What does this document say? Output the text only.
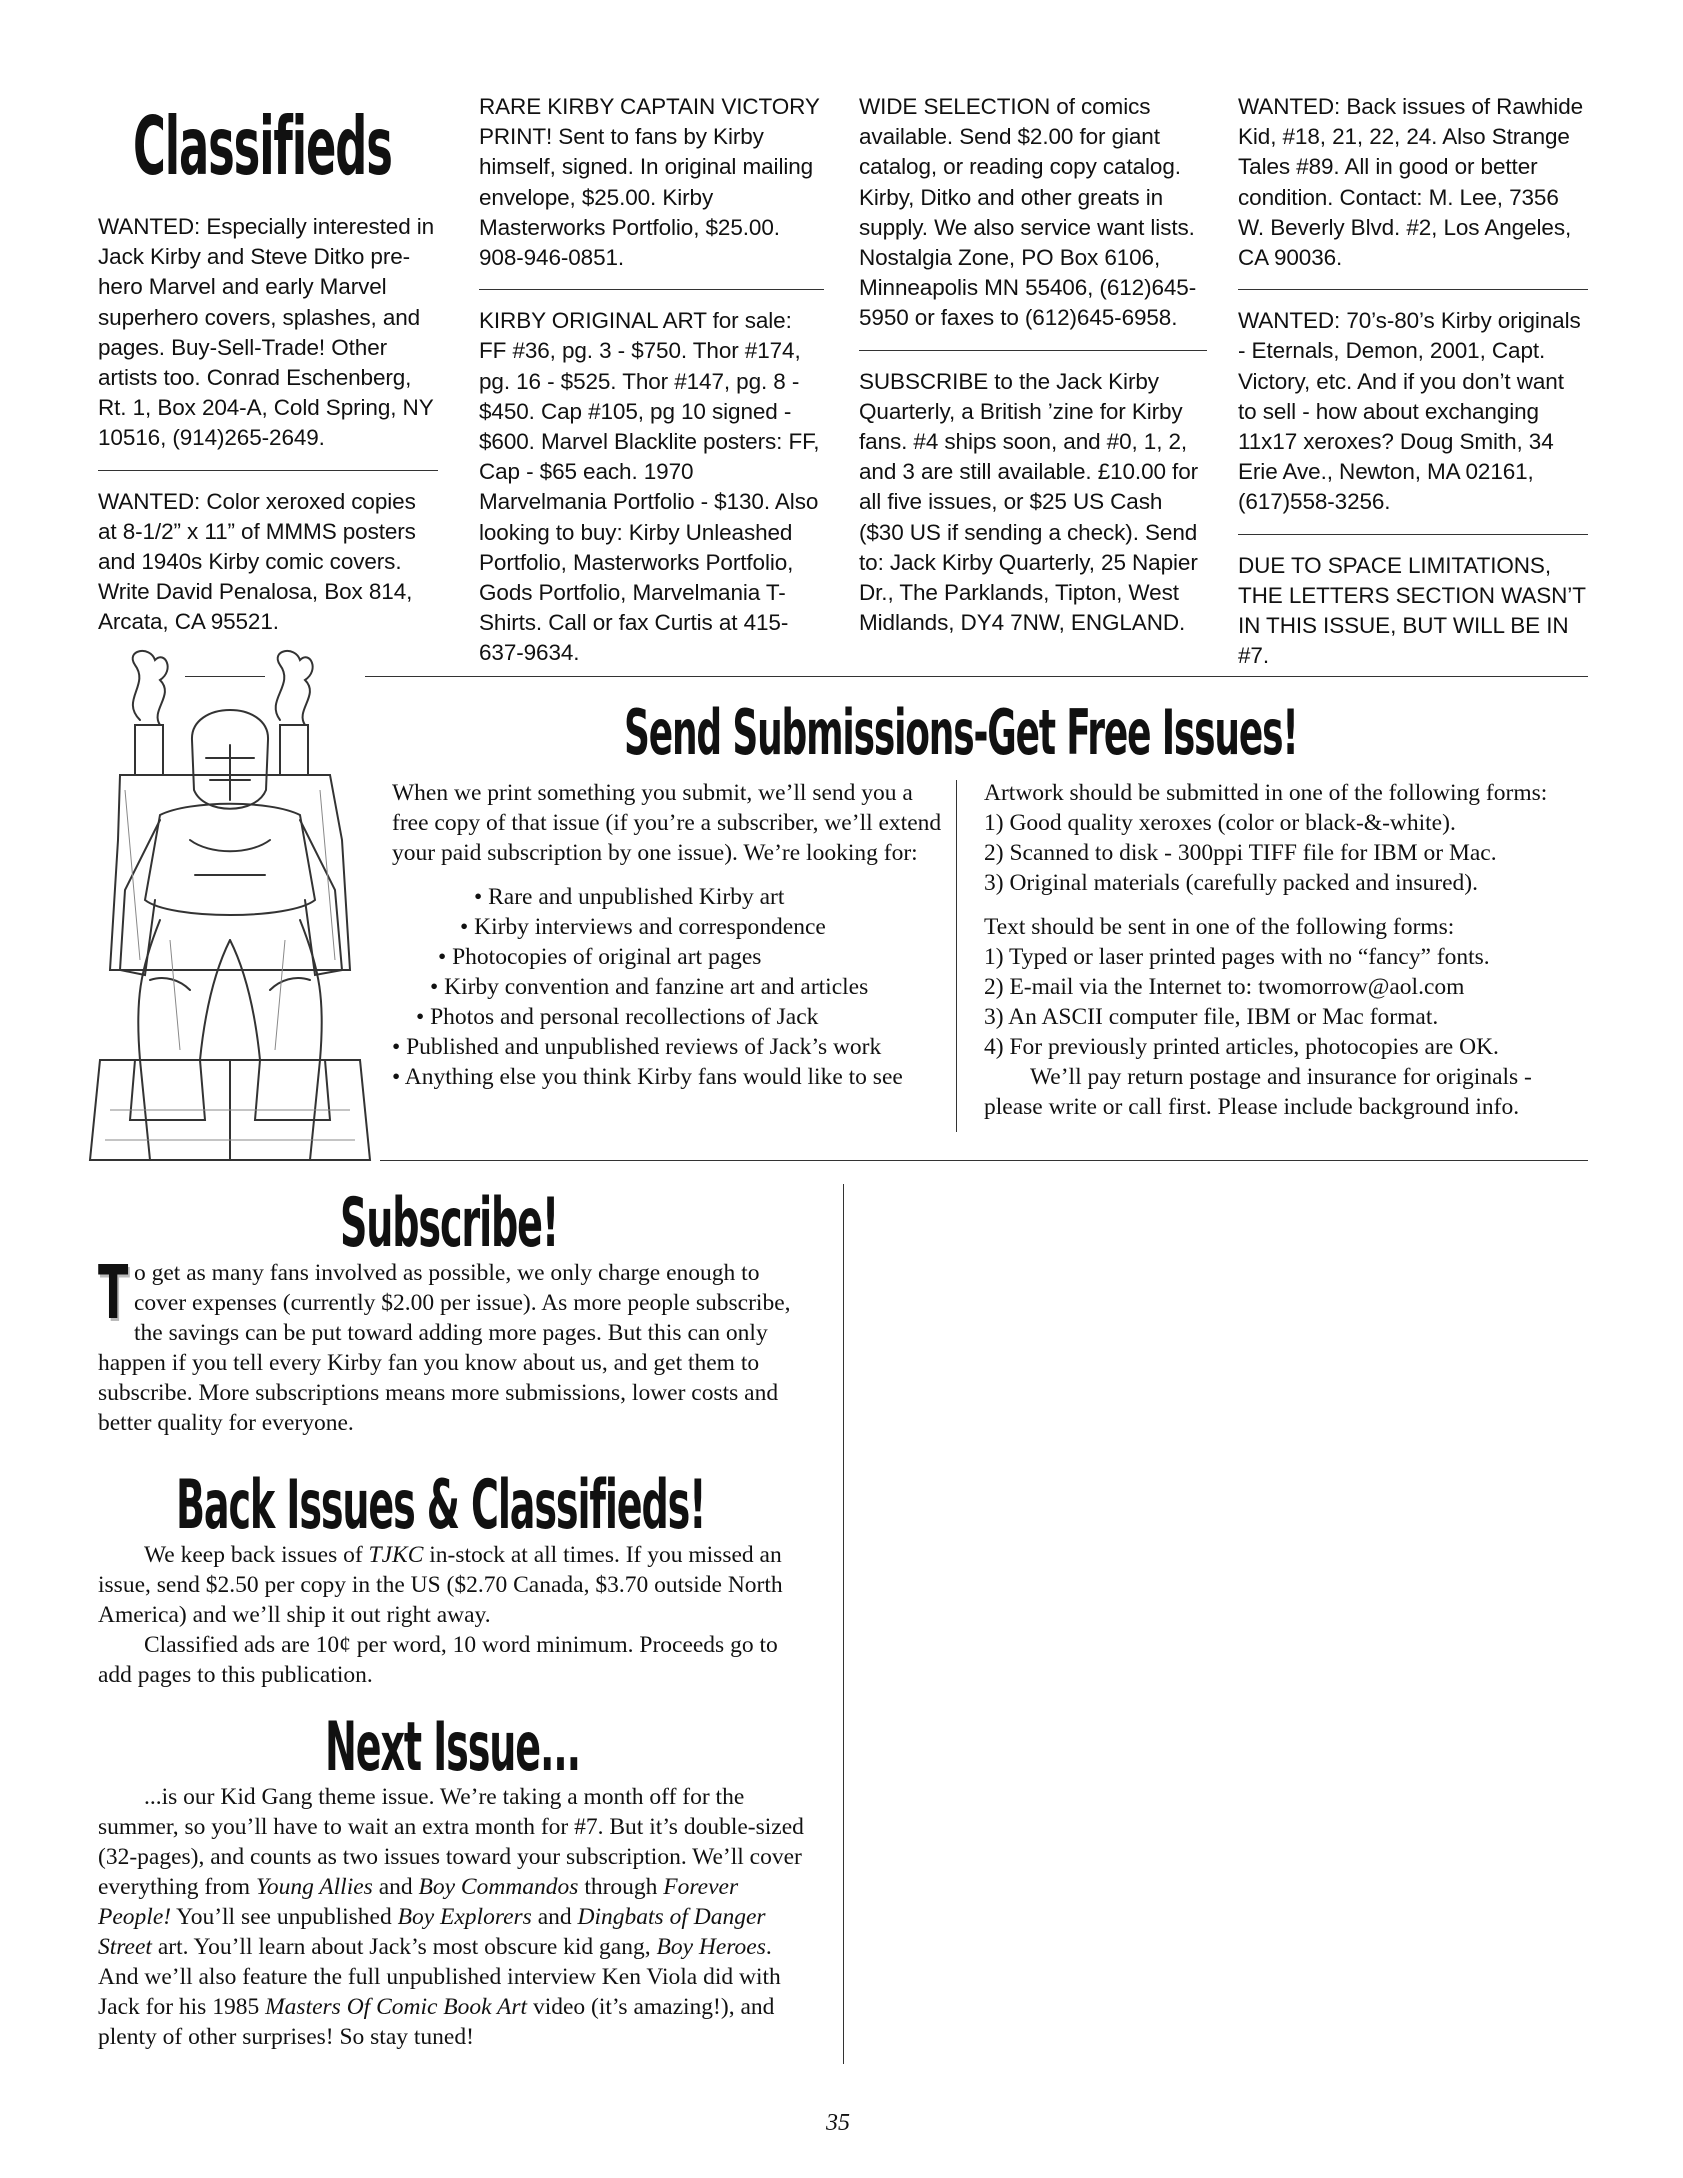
Classifieds

WANTED: Especially interested in Jack Kirby and Steve Ditko pre-hero Marvel and early Marvel superhero covers, splashes, and pages. Buy-Sell-Trade! Other artists too. Conrad Eschenberg, Rt. 1, Box 204-A, Cold Spring, NY 10516, (914)265-2649.

WANTED: Color xeroxed copies at 8-1/2” x 11” of MMMS posters and 1940s Kirby comic covers. Write David Penalosa, Box 814, Arcata, CA 95521.

RARE KIRBY CAPTAIN VICTORY PRINT! Sent to fans by Kirby himself, signed. In original mailing envelope, $25.00. Kirby Masterworks Portfolio, $25.00. 908-946-0851.

KIRBY ORIGINAL ART for sale: FF #36, pg. 3 - $750. Thor #174, pg. 16 - $525. Thor #147, pg. 8 - $450. Cap #105, pg 10 signed - $600. Marvel Blacklite posters: FF, Cap - $65 each. 1970 Marvelmania Portfolio - $130. Also looking to buy: Kirby Unleashed Portfolio, Masterworks Portfolio, Gods Portfolio, Marvelmania T-Shirts. Call or fax Curtis at 415-637-9634.

WIDE SELECTION of comics available. Send $2.00 for giant catalog, or reading copy catalog. Kirby, Ditko and other greats in supply. We also service want lists. Nostalgia Zone, PO Box 6106, Minneapolis MN 55406, (612)645-5950 or faxes to (612)645-6958.

SUBSCRIBE to the Jack Kirby Quarterly, a British ’zine for Kirby fans. #4 ships soon, and #0, 1, 2, and 3 are still available. £10.00 for all five issues, or $25 US Cash ($30 US if sending a check). Send to: Jack Kirby Quarterly, 25 Napier Dr., The Parklands, Tipton, West Midlands, DY4 7NW, ENGLAND.

WANTED: Back issues of Rawhide Kid, #18, 21, 22, 24. Also Strange Tales #89. All in good or better condition. Contact: M. Lee, 7356 W. Beverly Blvd. #2, Los Angeles, CA 90036.

WANTED: 70’s-80’s Kirby originals - Eternals, Demon, 2001, Capt. Victory, etc. And if you don’t want to sell - how about exchanging 11x17 xeroxes? Doug Smith, 34 Erie Ave., Newton, MA 02161, (617)558-3256.

DUE TO SPACE LIMITATIONS, THE LETTERS SECTION WASN’T IN THIS ISSUE, BUT WILL BE IN #7.

Send Submissions-Get Free Issues!

When we print something you submit, we’ll send you a free copy of that issue (if you’re a subscriber, we’ll extend your paid subscription by one issue). We’re looking for:

• Rare and unpublished Kirby art
• Kirby interviews and correspondence
• Photocopies of original art pages
• Kirby convention and fanzine art and articles
• Photos and personal recollections of Jack
• Published and unpublished reviews of Jack’s work
• Anything else you think Kirby fans would like to see

Artwork should be submitted in one of the following forms:

1) Good quality xeroxes (color or black-&-white).

2) Scanned to disk - 300ppi TIFF file for IBM or Mac.

3) Original materials (carefully packed and insured).

Text should be sent in one of the following forms:

1) Typed or laser printed pages with no “fancy” fonts.

2) E-mail via the Internet to: twomorrow@aol.com

3) An ASCII computer file, IBM or Mac format.

4) For previously printed articles, photocopies are OK.

We’ll pay return postage and insurance for originals - please write or call first. Please include background info.

Subscribe!
T o get as many fans involved as possible, we only charge enough to cover expenses (currently $2.00 per issue). As more people subscribe, the savings can be put toward adding more pages. But this can only happen if you tell every Kirby fan you know about us, and get them to subscribe. More subscriptions means more submissions, lower costs and better quality for everyone.

Back Issues & Classifieds!

We keep back issues of TJKC in-stock at all times. If you missed an issue, send $2.50 per copy in the US ($2.70 Canada, $3.70 outside North America) and we’ll ship it out right away.

Classified ads are 10¢ per word, 10 word minimum. Proceeds go to add pages to this publication.

Next Issue...

...is our Kid Gang theme issue. We’re taking a month off for the summer, so you’ll have to wait an extra month for #7. But it’s double-sized (32-pages), and counts as two issues toward your subscription. We’ll cover everything from Young Allies and Boy Commandos through Forever People! You’ll see unpublished Boy Explorers and Dingbats of Danger Street art. You’ll learn about Jack’s most obscure kid gang, Boy Heroes. And we’ll also feature the full unpublished interview Ken Viola did with Jack for his 1985 Masters Of Comic Book Art video (it’s amazing!), and plenty of other surprises! So stay tuned!

35
